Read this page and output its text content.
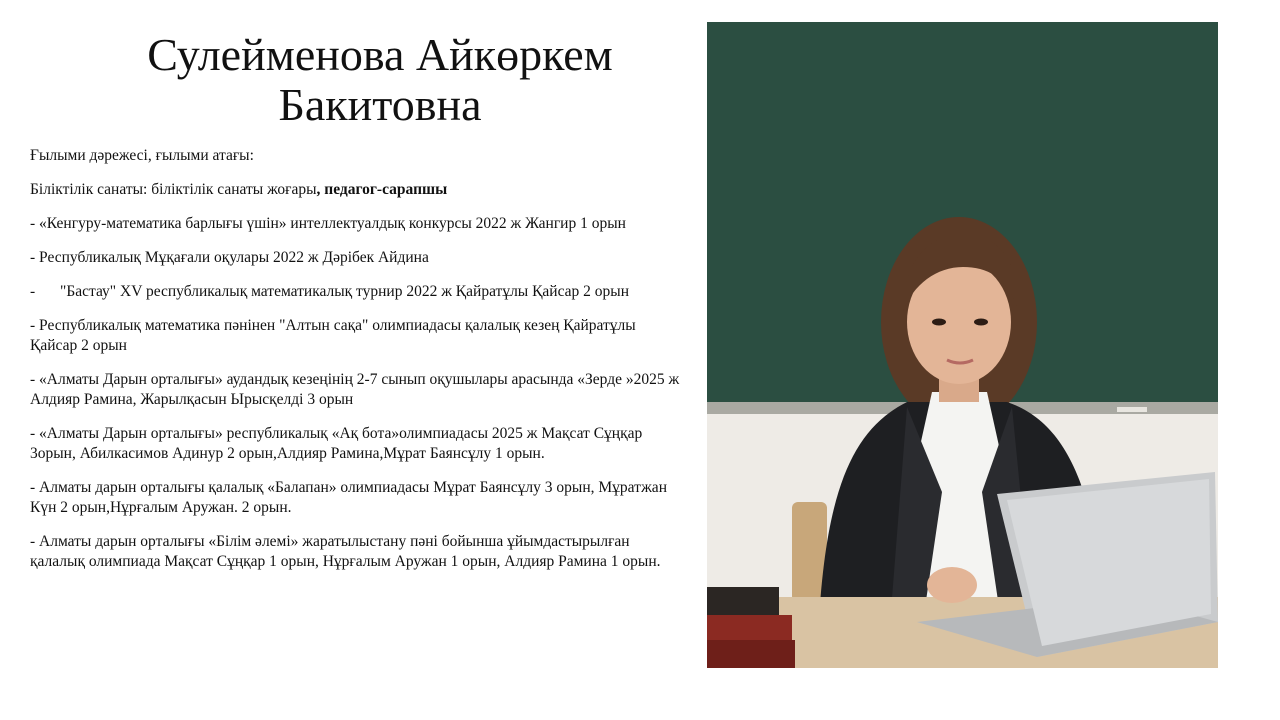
Сулейменова Айкөркем
Бакитовна

Ғылыми дәрежесі, ғылыми атағы:

Біліктілік санаты: біліктілік санаты жоғары, педагог-сарапшы

- «Кенгуру-математика барлығы үшін» интеллектуалдық конкурсы 2022 ж Жангир 1 орын

- Республикалық Мұқағали оқулары 2022 ж Дәрібек Айдина

-	"Бастау" XV республикалық математикалық турнир 2022 ж Қайратұлы Қайсар 2 орын

- Республикалық математика пәнінен "Алтын сақа" олимпиадасы қалалық кезең Қайратұлы Қайсар 2 орын

- «Алматы Дарын орталығы» аудандық кезеңінің 2-7 сынып оқушылары арасында «Зерде »2025 ж Алдияр Рамина, Жарылқасын Ырысқелді 3 орын

- «Алматы Дарын орталығы» республикалық «Ақ бота»олимпиадасы 2025 ж Мақсат Сұңқар 3орын, Абилкасимов Адинур 2 орын,Алдияр Рамина,Мұрат Баянсұлу 1 орын.

- Алматы дарын орталығы қалалық «Балапан» олимпиадасы Мұрат Баянсұлу 3 орын, Мұратжан Күн 2 орын,Нұрғалым Аружан. 2 орын.

- Алматы дарын орталығы «Білім әлемі» жаратылыстану пәні бойынша ұйымдастырылған қалалық олимпиада Мақсат Сұңқар 1 орын, Нұрғалым Аружан 1 орын, Алдияр Рамина 1 орын.
